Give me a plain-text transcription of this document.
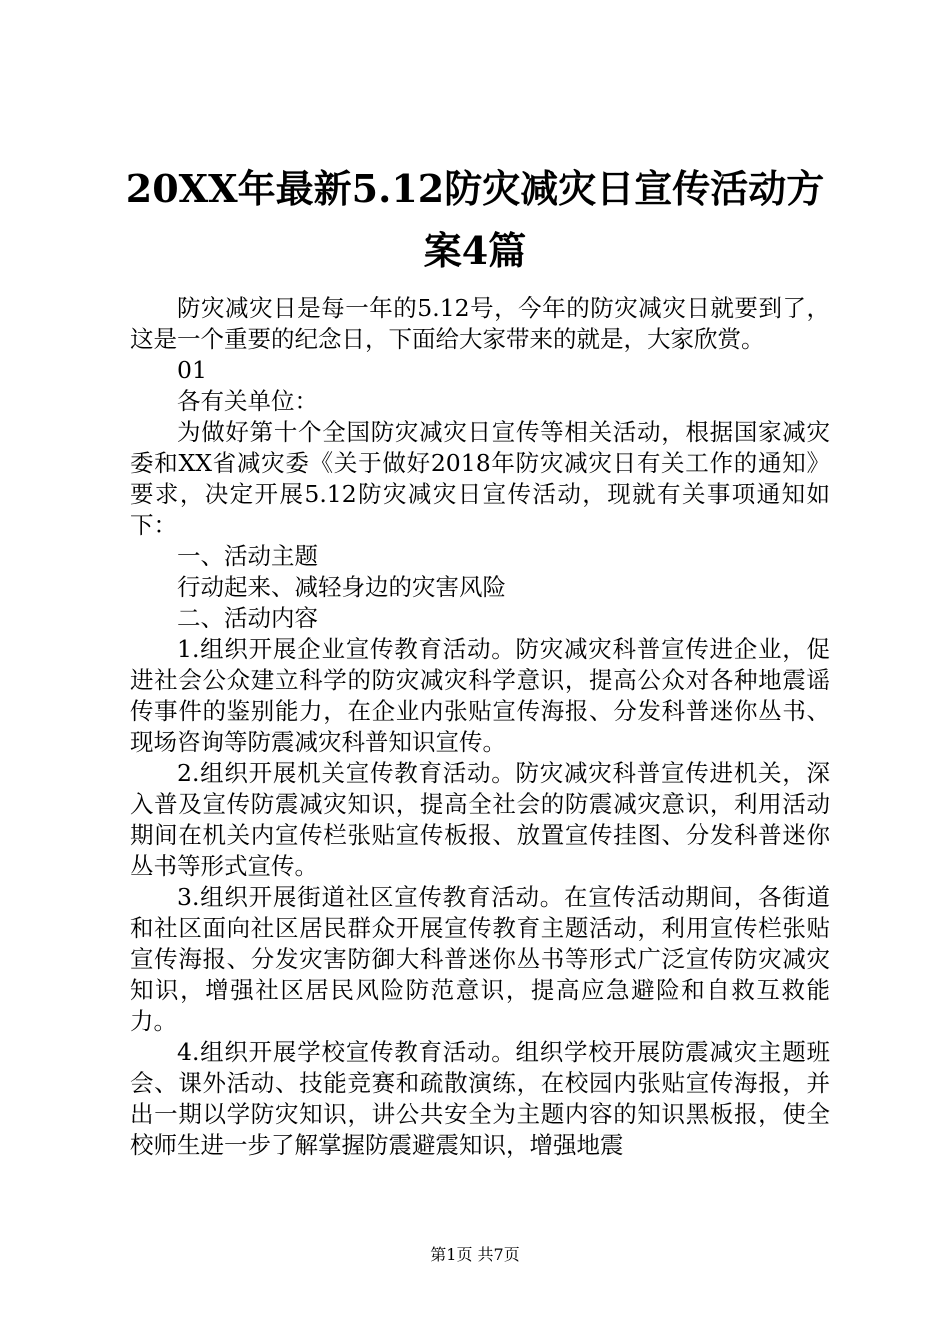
20XX年最新5.12防灾减灾日宣传活动方案4篇

防灾减灾日是每一年的5.12号，今年的防灾减灾日就要到了，这是一个重要的纪念日，下面给大家带来的就是，大家欣赏。

01

各有关单位：

为做好第十个全国防灾减灾日宣传等相关活动，根据国家减灾委和XX省减灾委《关于做好2018年防灾减灾日有关工作的通知》要求，决定开展5.12防灾减灾日宣传活动，现就有关事项通知如下：

一、活动主题

行动起来、减轻身边的灾害风险

二、活动内容

1.组织开展企业宣传教育活动。防灾减灾科普宣传进企业，促进社会公众建立科学的防灾减灾科学意识，提高公众对各种地震谣传事件的鉴别能力，在企业内张贴宣传海报、分发科普迷你丛书、现场咨询等防震减灾科普知识宣传。

2.组织开展机关宣传教育活动。防灾减灾科普宣传进机关，深入普及宣传防震减灾知识，提高全社会的防震减灾意识，利用活动期间在机关内宣传栏张贴宣传板报、放置宣传挂图、分发科普迷你丛书等形式宣传。

3.组织开展街道社区宣传教育活动。在宣传活动期间，各街道和社区面向社区居民群众开展宣传教育主题活动，利用宣传栏张贴宣传海报、分发灾害防御大科普迷你丛书等形式广泛宣传防灾减灾知识，增强社区居民风险防范意识，提高应急避险和自救互救能力。

4.组织开展学校宣传教育活动。组织学校开展防震减灾主题班会、课外活动、技能竞赛和疏散演练，在校园内张贴宣传海报，并出一期以学防灾知识，讲公共安全为主题内容的知识黑板报，使全校师生进一步了解掌握防震避震知识，增强地震

第1页 共7页
